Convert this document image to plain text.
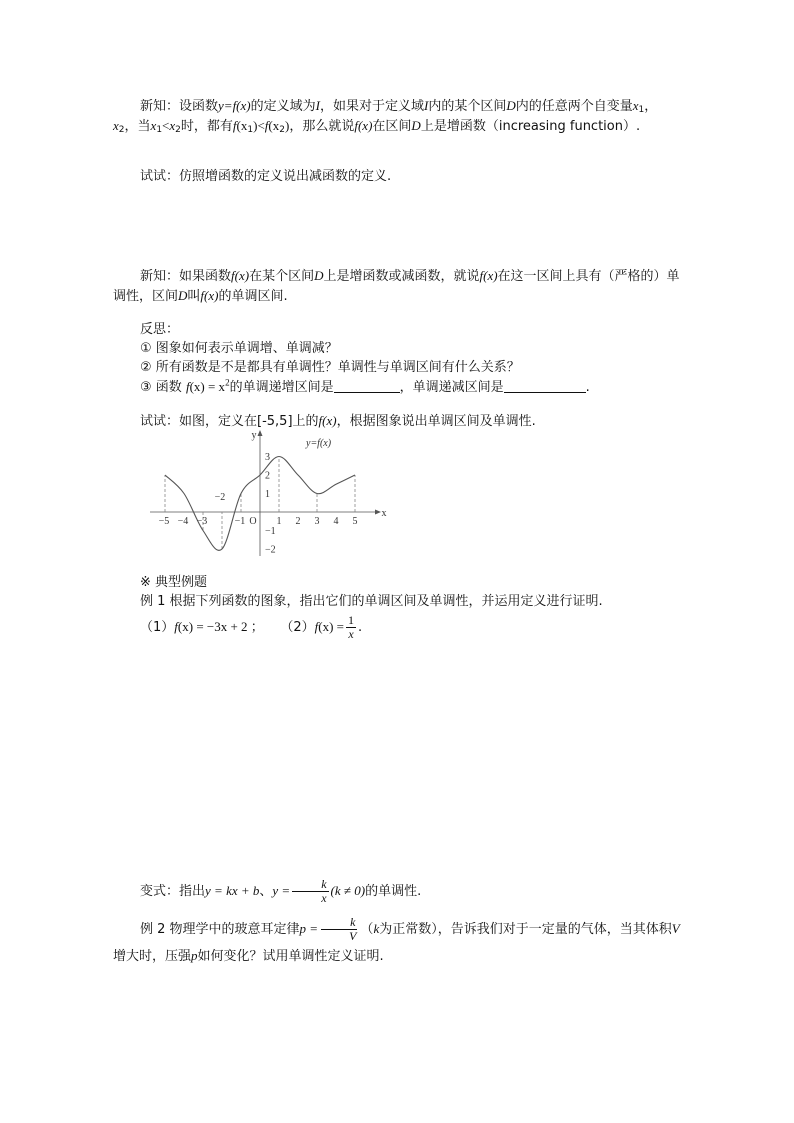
新知：设函数y=f(x)的定义域为I，如果对于定义域I内的某个区间D内的任意两个自变量$x_1$，$x_2$，当$x_1<x_2$时，都有$f(x_1)<f(x_2)$，那么就说f(x)在区间D上是增函数（increasing function）.
试试：仿照增函数的定义说出减函数的定义.
新知：如果函数f(x)在某个区间D上是增函数或减函数，就说f(x)在这一区间上具有（严格的）单调性，区间D叫f(x)的单调区间.
反思：
① 图象如何表示单调增、单调减？
② 所有函数是不是都具有单调性？单调性与单调区间有什么关系？
③ 函数 $f(x) = x^2$的单调递增区间是	，单调递减区间是	.
试试：如图，定义在[-5,5]上的f(x)，根据图象说出单调区间及单调性.
−5 −4 −3
−2
−1	1 2 3 4 5
3
2
1
−1
−2
O
x
y
y=f(x)
※ 典型例题
例 1 根据下列函数的图象，指出它们的单调区间及单调性，并运用定义进行证明.
（1）f(x) = −3x + 2 ； $(2)f(x) = \frac{1}{x}$ .
变式：指出y = kx + b、$y = \frac{k}{x} (k \ne 0)$的单调性.
例 2 物理学中的玻意耳定律$p = \frac{k}{V} (k$为正常数），告诉我们对于一定量的气体，当其体积V增大时，压强p如何变化？试用单调性定义证明.
